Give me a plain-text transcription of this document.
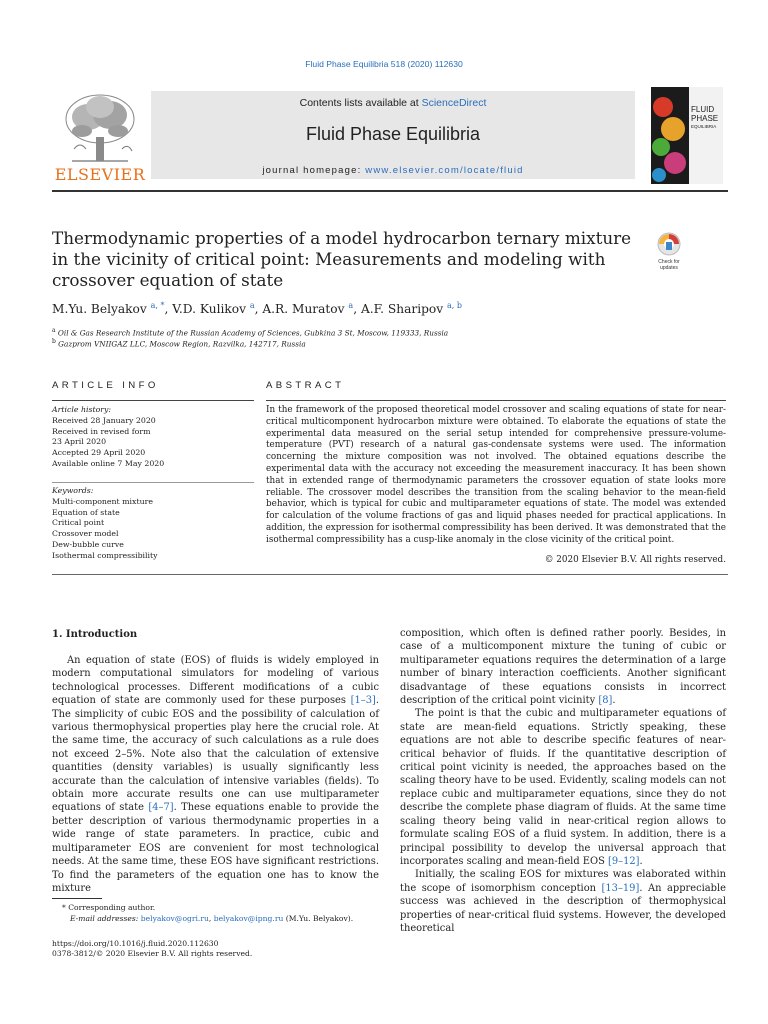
Fluid Phase Equilibria 518 (2020) 112630
ELSEVIER
Contents lists available at ScienceDirect
Fluid Phase Equilibria
journal homepage: www.elsevier.com/locate/fluid
FLUID
PHASE
EQUILIBRIA
Thermodynamic properties of a model hydrocarbon ternary mixture in the vicinity of critical point: Measurements and modeling with crossover equation of state
Check for updates
M.Yu. Belyakov $^{a, *}$, V.D. Kulikov $^a$, A.R. Muratov $^a$, A.F. Sharipov $^{a, b}$
$^a$ Oil & Gas Research Institute of the Russian Academy of Sciences, Gubkina 3 St, Moscow, 119333, Russia
$^b$ Gazprom VNIIGAZ LLC, Moscow Region, Razvilka, 142717, Russia
ARTICLE INFO	ABSTRACT
Article history:
Received 28 January 2020
Received in revised form
23 April 2020
Accepted 29 April 2020
Available online 7 May 2020
Keywords:
Multi-component mixture
Equation of state
Critical point
Crossover model
Dew-bubble curve
Isothermal compressibility
In the framework of the proposed theoretical model crossover and scaling equations of state for near-critical multicomponent hydrocarbon mixture were obtained. To elaborate the equations of state the experimental data measured on the serial setup intended for comprehensive pressure-volume-temperature (PVT) research of a natural gas-condensate systems were used. The information concerning the mixture composition was not involved. The obtained equations describe the experimental data with the accuracy not exceeding the measurement inaccuracy. It has been shown that in extended range of thermodynamic parameters the crossover equation of state looks more reliable. The crossover model describes the transition from the scaling behavior to the mean-field behavior, which is typical for cubic and multiparameter equations of state. The model was extended for calculation of the volume fractions of gas and liquid phases needed for practical applications. In addition, the expression for isothermal compressibility has been derived. It was demonstrated that the isothermal compressibility has a cusp-like anomaly in the close vicinity of the critical point.
© 2020 Elsevier B.V. All rights reserved.
1. Introduction

An equation of state (EOS) of fluids is widely employed in modern computational simulators for modeling of various technological processes. Different modifications of a cubic equation of state are commonly used for these purposes [1–3]. The simplicity of cubic EOS and the possibility of calculation of various thermophysical properties play here the crucial role. At the same time, the accuracy of such calculations as a rule does not exceed 2–5%. Note also that the calculation of extensive quantities (density variables) is usually significantly less accurate than the calculation of intensive variables (fields). To obtain more accurate results one can use multiparameter equations of state [4–7]. These equations enable to provide the better description of various thermodynamic properties in a wide range of state parameters. In practice, cubic and multiparameter EOS are convenient for most technological needs. At the same time, these EOS have significant restrictions. To find the parameters of the equation one has to know the mixture

composition, which often is defined rather poorly. Besides, in case of a multicomponent mixture the tuning of cubic or multiparameter equations requires the determination of a large number of binary interaction coefficients. Another significant disadvantage of these equations consists in incorrect description of the critical point vicinity [8].

The point is that the cubic and multiparameter equations of state are mean-field equations. Strictly speaking, these equations are not able to describe specific features of near-critical behavior of fluids. If the quantitative description of critical point vicinity is needed, the approaches based on the scaling theory have to be used. Evidently, scaling models can not replace cubic and multiparameter equations, since they do not describe the complete phase diagram of fluids. At the same time scaling theory being valid in near-critical region allows to formulate scaling EOS of a fluid system. In addition, there is a principal possibility to develop the universal approach that incorporates scaling and mean-field EOS [9–12].

Initially, the scaling EOS for mixtures was elaborated within the scope of isomorphism conception [13–19]. An appreciable success was achieved in the description of thermophysical properties of near-critical fluid systems. However, the developed theoretical

* Corresponding author.
E-mail addresses: belyakov@ogri.ru, belyakov@ipng.ru (M.Yu. Belyakov).
https://doi.org/10.1016/j.fluid.2020.112630
0378-3812/© 2020 Elsevier B.V. All rights reserved.
